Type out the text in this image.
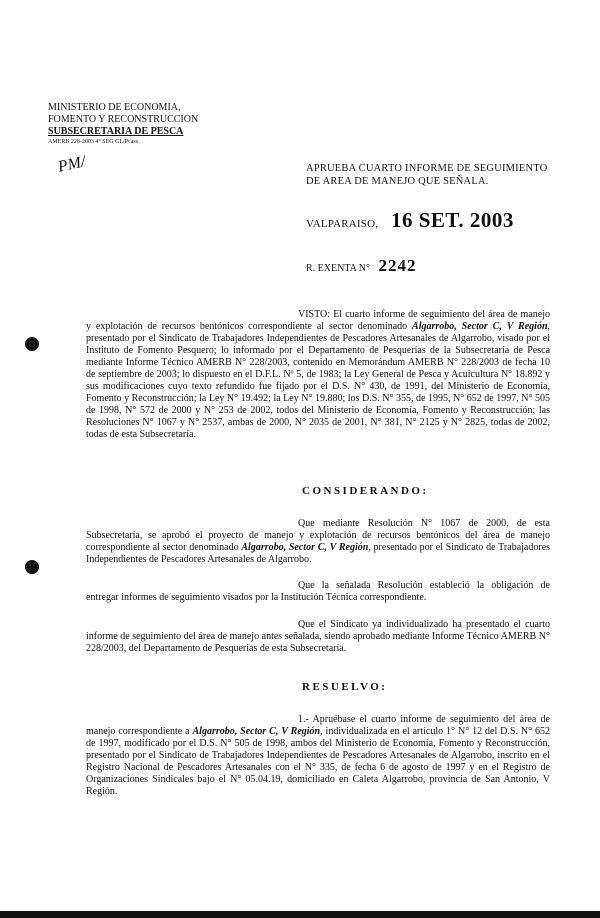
MINISTERIO DE ECONOMIA,
FOMENTO Y RECONSTRUCCION
SUBSECRETARIA DE PESCA
AMERB 228-2003 4° SEG GL/Pcass
PM/	APRUEBA CUARTO INFORME DE SEGUIMIENTO
DE AREA DE MANEJO QUE SEÑALA.
VALPARAISO, 16 SET. 2003
R. EXENTA N° 2242
VISTO: El cuarto informe de seguimiento del área de manejo y explotación de recursos bentónicos correspondiente al sector denominado Algarrobo, Sector C, V Región, presentado por el Sindicato de Trabajadores Independientes de Pescadores Artesanales de Algarrobo, visado por el Instituto de Fomento Pesquero; lo informado por el Departamento de Pesquerías de la Subsecretaría de Pesca mediante Informe Técnico AMERB N° 228/2003, contenido en Memorándum AMERB N° 228/2003 de fecha 10 de septiembre de 2003; lo dispuesto en el D.F.L. Nº 5, de 1983; la Ley General de Pesca y Acuicultura N° 18.892 y sus modificaciones cuyo texto refundido fue fijado por el D.S. N° 430, de 1991, del Ministerio de Economía, Fomento y Reconstrucción; la Ley N° 19.492; la Ley N° 19.880; los D.S. N° 355, de 1995, N° 652 de 1997, N° 505 de 1998, N° 572 de 2000 y N° 253 de 2002, todos del Ministerio de Economía, Fomento y Reconstrucción; las Resoluciones N° 1067 y N° 2537, ambas de 2000, N° 2035 de 2001, N° 381, N° 2125 y N° 2825, todas de 2002, todas de esta Subsecretaría.
CONSIDERANDO:
Que mediante Resolución N° 1067 de 2000, de esta Subsecretaría, se aprobó el proyecto de manejo y explotación de recursos bentónicos del área de manejo correspondiente al sector denominado Algarrobo, Sector C, V Región, presentado por el Sindicato de Trabajadores Independientes de Pescadores Artesanales de Algarrobo.
Que la señalada Resolución estableció la obligación de entregar informes de seguimiento visados por la Institución Técnica correspondiente.
Que el Sindicato ya individualizado ha presentado el cuarto informe de seguimiento del área de manejo antes señalada, siendo aprobado mediante Informe Técnico AMERB N° 228/2003, del Departamento de Pesquerías de esta Subsecretaría.
RESUELVO:
1.- Apruébase el cuarto informe de seguimiento del área de manejo correspondiente a Algarrobo, Sector C, V Región, individualizada en el artículo 1° N° 12 del D.S. N° 652 de 1997, modificado por el D.S. N° 505 de 1998, ambos del Ministerio de Economía, Fomento y Reconstrucción, presentado por el Sindicato de Trabajadores Independientes de Pescadores Artesanales de Algarrobo, inscrito en el Registro Nacional de Pescadores Artesanales con el N° 335, de fecha 6 de agosto de 1997 y en el Registro de Organizaciones Sindicales bajo el N° 05.04.19, domiciliado en Caleta Algarrobo, provincia de San Antonio, V Región.
